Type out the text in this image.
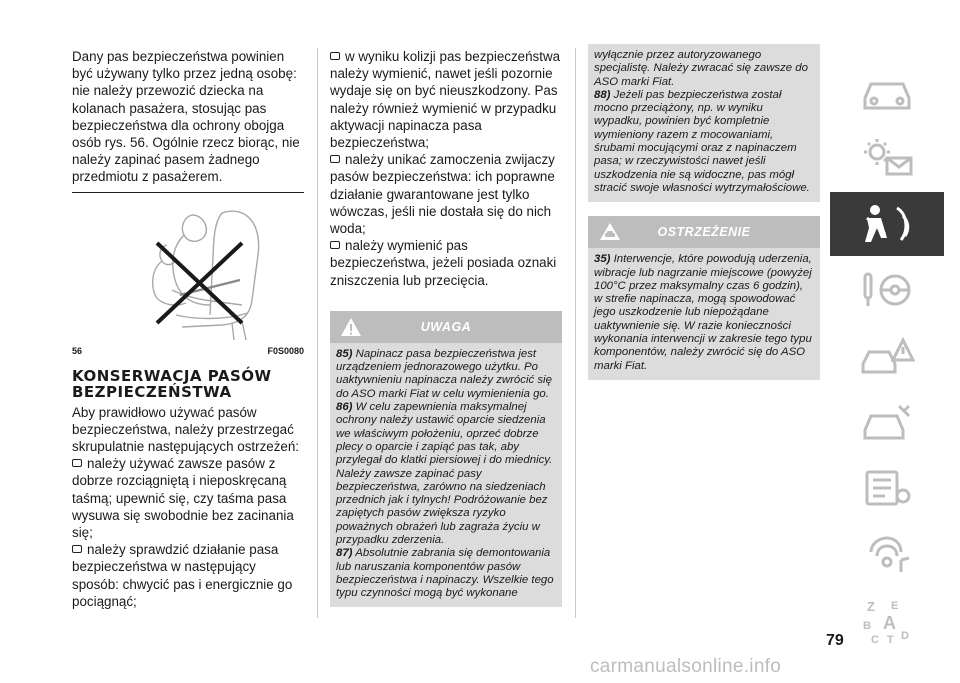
Dany pas bezpieczeństwa powinien być używany tylko przez jedną osobę: nie należy przewozić dziecka na kolanach pasażera, stosując pas bezpieczeństwa dla ochrony obojga osób rys. 56. Ogólnie rzecz biorąc, nie należy zapinać pasem żadnego przedmiotu z pasażerem.

56	F0S0080
KONSERWACJA PASÓW BEZPIECZEŃSTWA

Aby prawidłowo używać pasów bezpieczeństwa, należy przestrzegać skrupulatnie następujących ostrzeżeń:

należy używać zawsze pasów z dobrze rozciągniętą i nieposkręcaną taśmą; upewnić się, czy taśma pasa wysuwa się swobodnie bez zacinania się;

należy sprawdzić działanie pasa bezpieczeństwa w następujący sposób: chwycić pas i energicznie go pociągnąć;

w wyniku kolizji pas bezpieczeństwa należy wymienić, nawet jeśli pozornie wydaje się on być nieuszkodzony. Pas należy również wymienić w przypadku aktywacji napinacza pasa bezpieczeństwa;

należy unikać zamoczenia zwijaczy pasów bezpieczeństwa: ich poprawne działanie gwarantowane jest tylko wówczas, jeśli nie dostała się do nich woda;

należy wymienić pas bezpieczeństwa, jeżeli posiada oznaki zniszczenia lub przecięcia.

UWAGA

85) Napinacz pasa bezpieczeństwa jest urządzeniem jednorazowego użytku. Po uaktywnieniu napinacza należy zwrócić się do ASO marki Fiat w celu wymienienia go.

86) W celu zapewnienia maksymalnej ochrony należy ustawić oparcie siedzenia we właściwym położeniu, oprzeć dobrze plecy o oparcie i zapiąć pas tak, aby przylegał do klatki piersiowej i do miednicy. Należy zawsze zapinać pasy bezpieczeństwa, zarówno na siedzeniach przednich jak i tylnych! Podróżowanie bez zapiętych pasów zwiększa ryzyko poważnych obrażeń lub zagraża życiu w przypadku zderzenia.

87) Absolutnie zabrania się demontowania lub naruszania komponentów pasów bezpieczeństwa i napinaczy. Wszelkie tego typu czynności mogą być wykonane

wyłącznie przez autoryzowanego specjalistę. Należy zwracać się zawsze do ASO marki Fiat.

88) Jeżeli pas bezpieczeństwa został mocno przeciążony, np. w wyniku wypadku, powinien być kompletnie wymieniony razem z mocowaniami, śrubami mocującymi oraz z napinaczem pasa; w rzeczywistości nawet jeśli uszkodzenia nie są widoczne, pas mógł stracić swoje własności wytrzymałościowe.

OSTRZEŻENIE

35) Interwencje, które powodują uderzenia, wibracje lub nagrzanie miejscowe (powyżej 100°C przez maksymalny czas 6 godzin), w strefie napinacza, mogą spowodować jego uszkodzenie lub niepożądane uaktywnienie się. W razie konieczności wykonania interwencji w zakresie tego typu komponentów, należy zwrócić się do ASO marki Fiat.

Z E
B A
C T D
79
carmanualsonline.info
